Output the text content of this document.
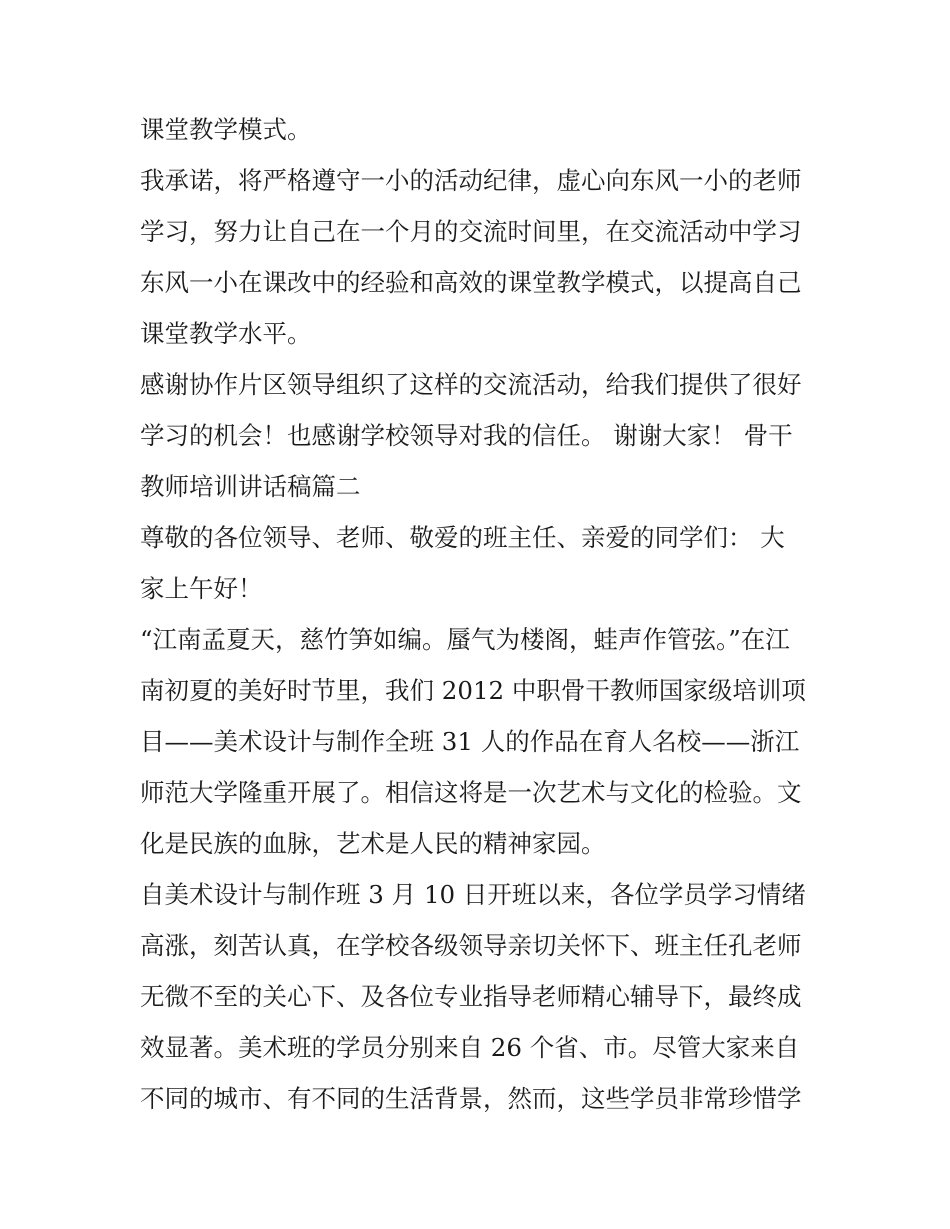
课堂教学模式。
我承诺，将严格遵守一小的活动纪律，虚心向东风一小的老师
学习，努力让自己在一个月的交流时间里，在交流活动中学习
东风一小在课改中的经验和高效的课堂教学模式，以提高自己
课堂教学水平。
感谢协作片区领导组织了这样的交流活动，给我们提供了很好
学习的机会！也感谢学校领导对我的信任。 谢谢大家！ 骨干
教师培训讲话稿篇二
尊敬的各位领导、老师、敬爱的班主任、亲爱的同学们： 大
家上午好！
“江南孟夏天，慈竹笋如编。蜃气为楼阁，蛙声作管弦。”在江
南初夏的美好时节里，我们 2012 中职骨干教师国家级培训项
目——美术设计与制作全班 31 人的作品在育人名校——浙江
师范大学隆重开展了。相信这将是一次艺术与文化的检验。文
化是民族的血脉，艺术是人民的精神家园。
自美术设计与制作班 3 月 10 日开班以来，各位学员学习情绪
高涨，刻苦认真，在学校各级领导亲切关怀下、班主任孔老师
无微不至的关心下、及各位专业指导老师精心辅导下，最终成
效显著。美术班的学员分别来自 26 个省、市。尽管大家来自
不同的城市、有不同的生活背景，然而，这些学员非常珍惜学
